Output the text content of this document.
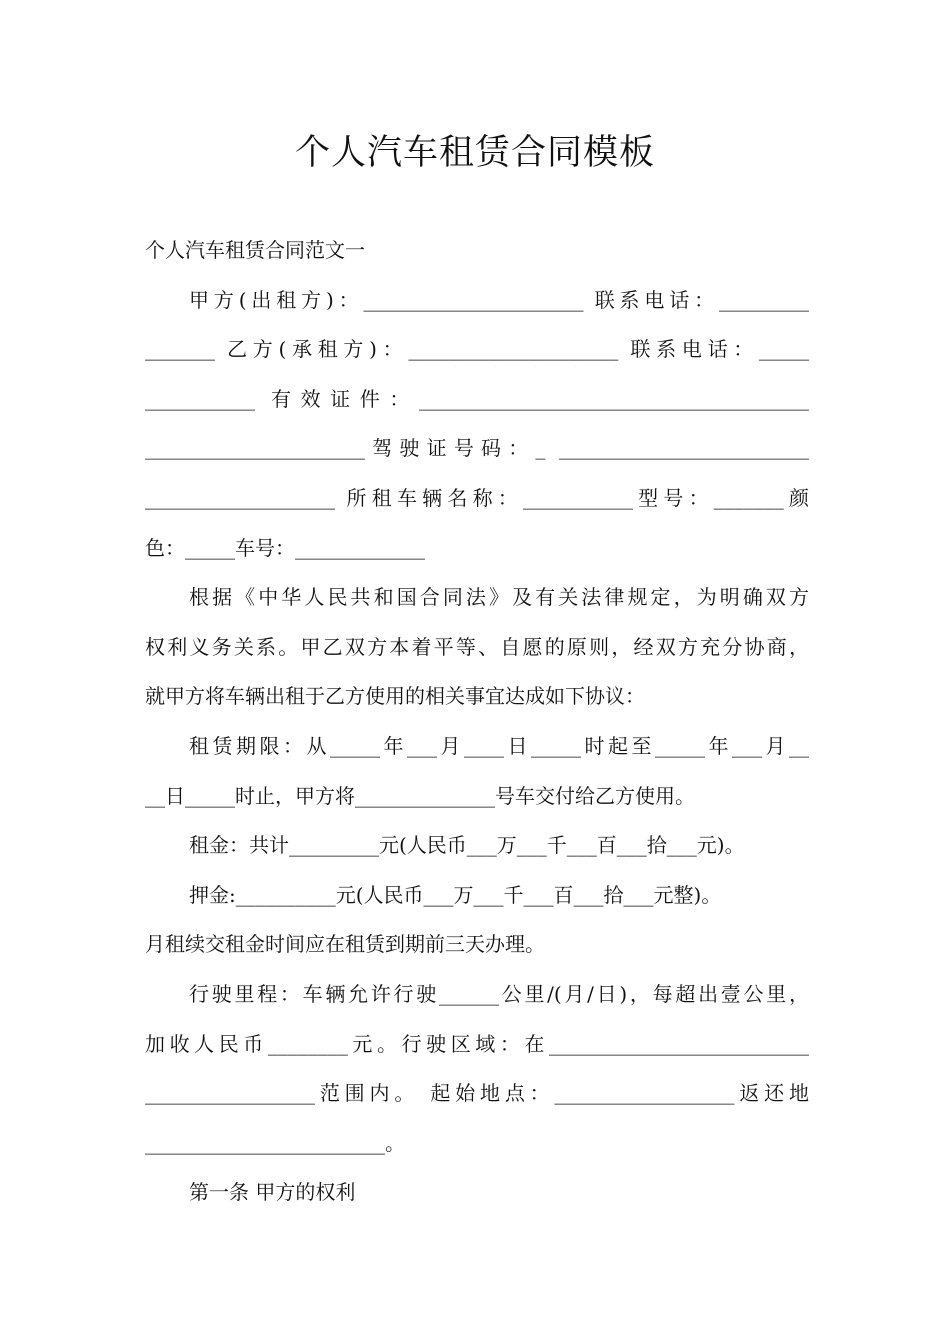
个人汽车租赁合同模板
个人汽车租赁合同范文一
甲方(出租方)：______________________ 联系电话：_________
_______ 乙方(承租方)：_____________________ 联系电话：_____
___________ 有效证件：_______________________________________
______________________驾驶证号码：_ _________________________
___________________ 所租车辆名称：___________型号：_______颜
色：_____车号：_____________
根据《中华人民共和国合同法》及有关法律规定，为明确双方
权利义务关系。甲乙双方本着平等、自愿的原则，经双方充分协商，
就甲方将车辆出租于乙方使用的相关事宜达成如下协议：
租赁期限：从_____年___月____日_____时起至_____年___月__
__日_____时止，甲方将______________号车交付给乙方使用。
租金：共计_________元(人民币___万___千___百___拾___元)。
押金:__________元(人民币___万___千___百___拾___元整)。
月租续交租金时间应在租赁到期前三天办理。
行驶里程：车辆允许行驶______公里/(月/日)，每超出壹公里，
加收人民币________元。行驶区域：在__________________________
_________________范围内。 起始地点：__________________返还地
________________________。
第一条 甲方的权利
